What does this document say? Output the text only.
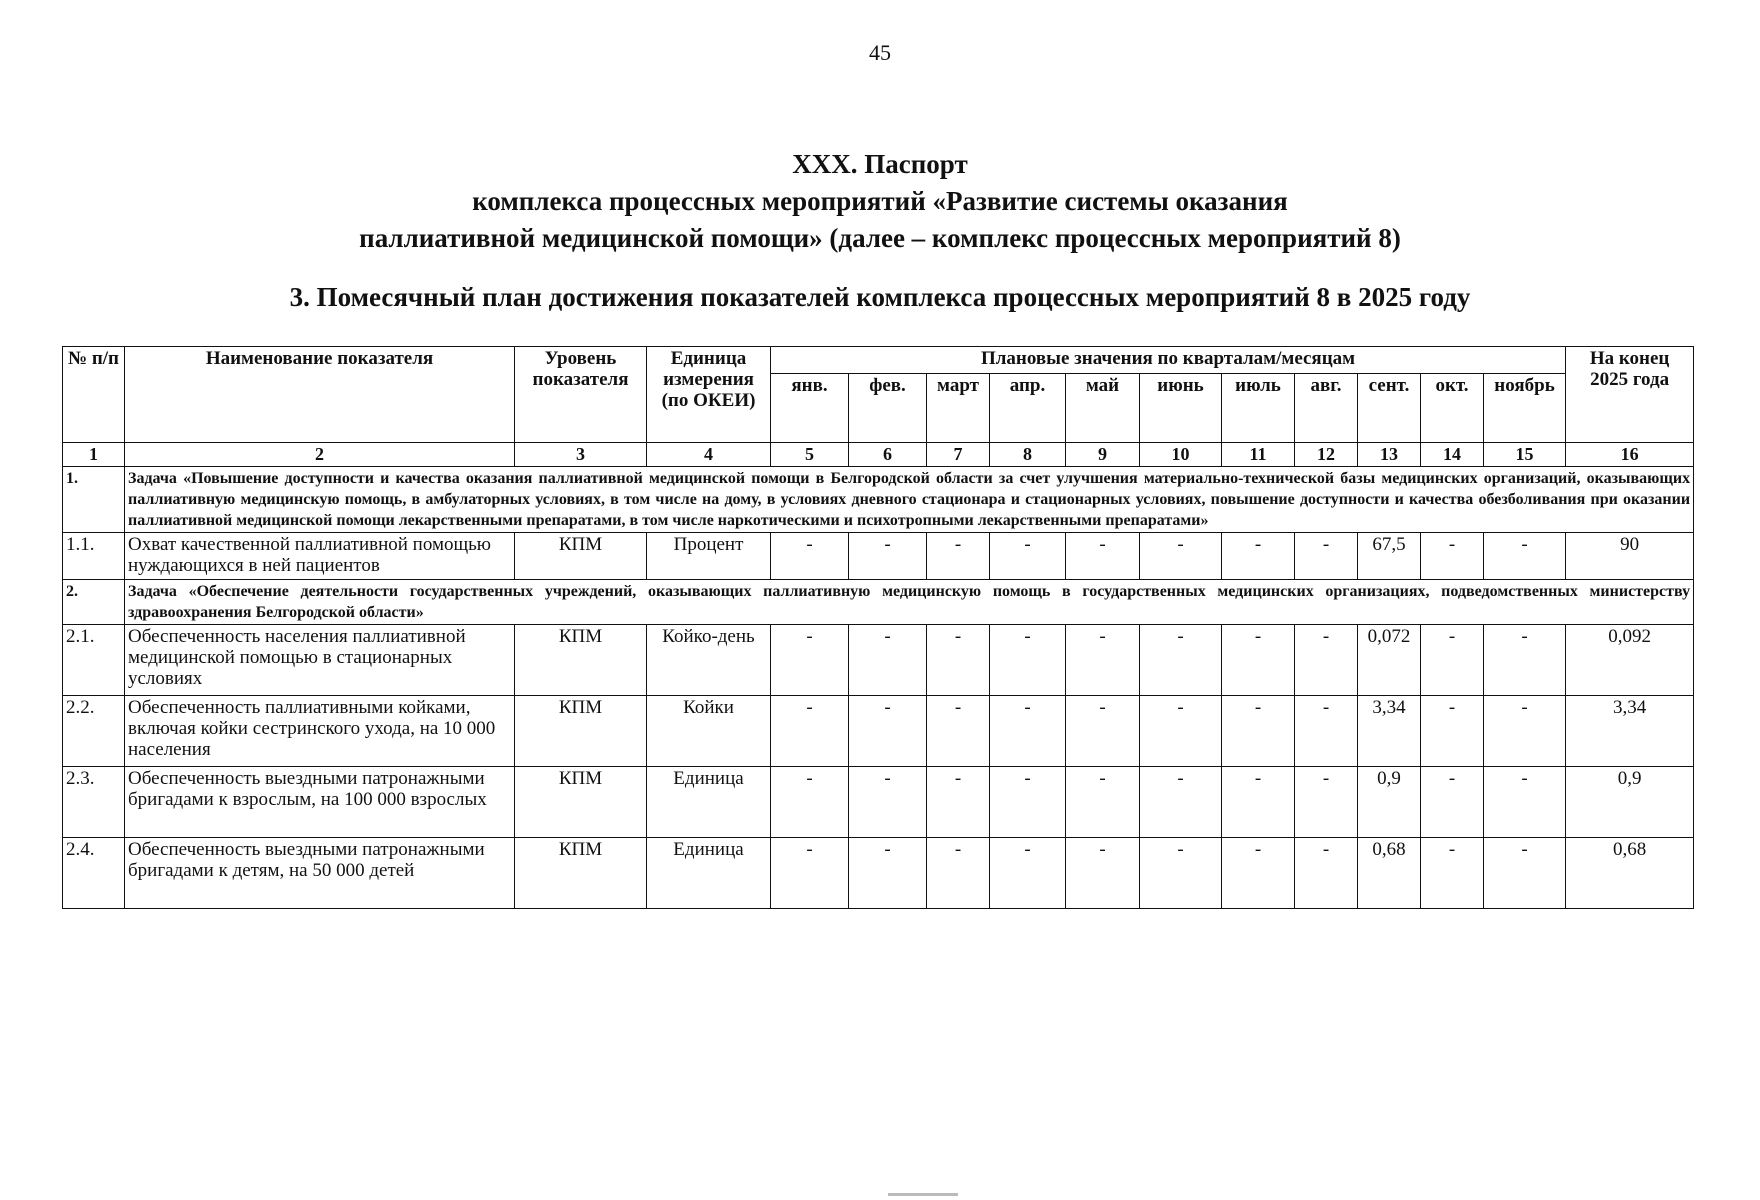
45
XXX. Паспорт
комплекса процессных мероприятий «Развитие системы оказания
паллиативной медицинской помощи» (далее – комплекс процессных мероприятий 8)
3. Помесячный план достижения показателей комплекса процессных мероприятий 8 в 2025 году
№ п/п	Наименование показателя	Уровень показателя	Единица измерения (по ОКЕИ)	Плановые значения по кварталам/месяцам											На конец 2025 года
				янв.	фев.	март	апр.	май	июнь	июль	авг.	сент.	окт.	ноябрь	
1	2	3	4	5	6	7	8	9	10	11	12	13	14	15	16
1.	Задача «Повышение доступности и качества оказания паллиативной медицинской помощи в Белгородской области за счет улучшения материально-технической базы медицинских организаций, оказывающих паллиативную медицинскую помощь, в амбулаторных условиях, в том числе на дому, в условиях дневного стационара и стационарных условиях, повышение доступности и качества обезболивания при оказании паллиативной медицинской помощи лекарственными препаратами, в том числе наркотическими и психотропными лекарственными препаратами»														
1.1.	Охват качественной паллиативной помощью нуждающихся в ней пациентов	КПМ	Процент	-	-	-	-	-	-	-	-	67,5	-	-	90
2.	Задача «Обеспечение деятельности государственных учреждений, оказывающих паллиативную медицинскую помощь в государственных медицинских организациях, подведомственных министерству здравоохранения Белгородской области»														
2.1.	Обеспеченность населения паллиативной медицинской помощью в стационарных условиях	КПМ	Койко-день	-	-	-	-	-	-	-	-	0,072	-	-	0,092
2.2.	Обеспеченность паллиативными койками, включая койки сестринского ухода, на 10 000 населения	КПМ	Койки	-	-	-	-	-	-	-	-	3,34	-	-	3,34
2.3.	Обеспеченность выездными патронажными бригадами к взрослым, на 100 000 взрослых	КПМ	Единица	-	-	-	-	-	-	-	-	0,9	-	-	0,9
2.4.	Обеспеченность выездными патронажными бригадами к детям, на 50 000 детей	КПМ	Единица	-	-	-	-	-	-	-	-	0,68	-	-	0,68
